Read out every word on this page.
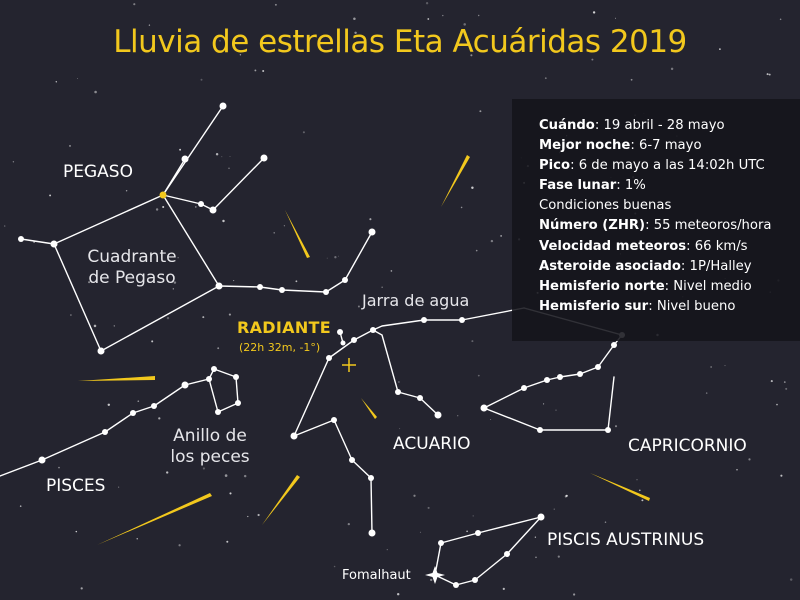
Lluvia de estrellas Eta Acuáridas 2019
PEGASO
Cuadrante
de Pegaso
Jarra de agua
RADIANTE
(22h 32m, -1°)
Anillo de
los peces
ACUARIO	CAPRICORNIO
PISCES
PISCIS AUSTRINUS
Fomalhaut
Cuándo: 19 abril - 28 mayo
Mejor noche: 6-7 mayo
Pico: 6 de mayo a las 14:02h UTC
Fase lunar: 1%
Condiciones buenas
Número (ZHR): 55 meteoros/hora
Velocidad meteoros: 66 km/s
Asteroide asociado: 1P/Halley
Hemisferio norte: Nivel medio
Hemisferio sur: Nivel bueno
